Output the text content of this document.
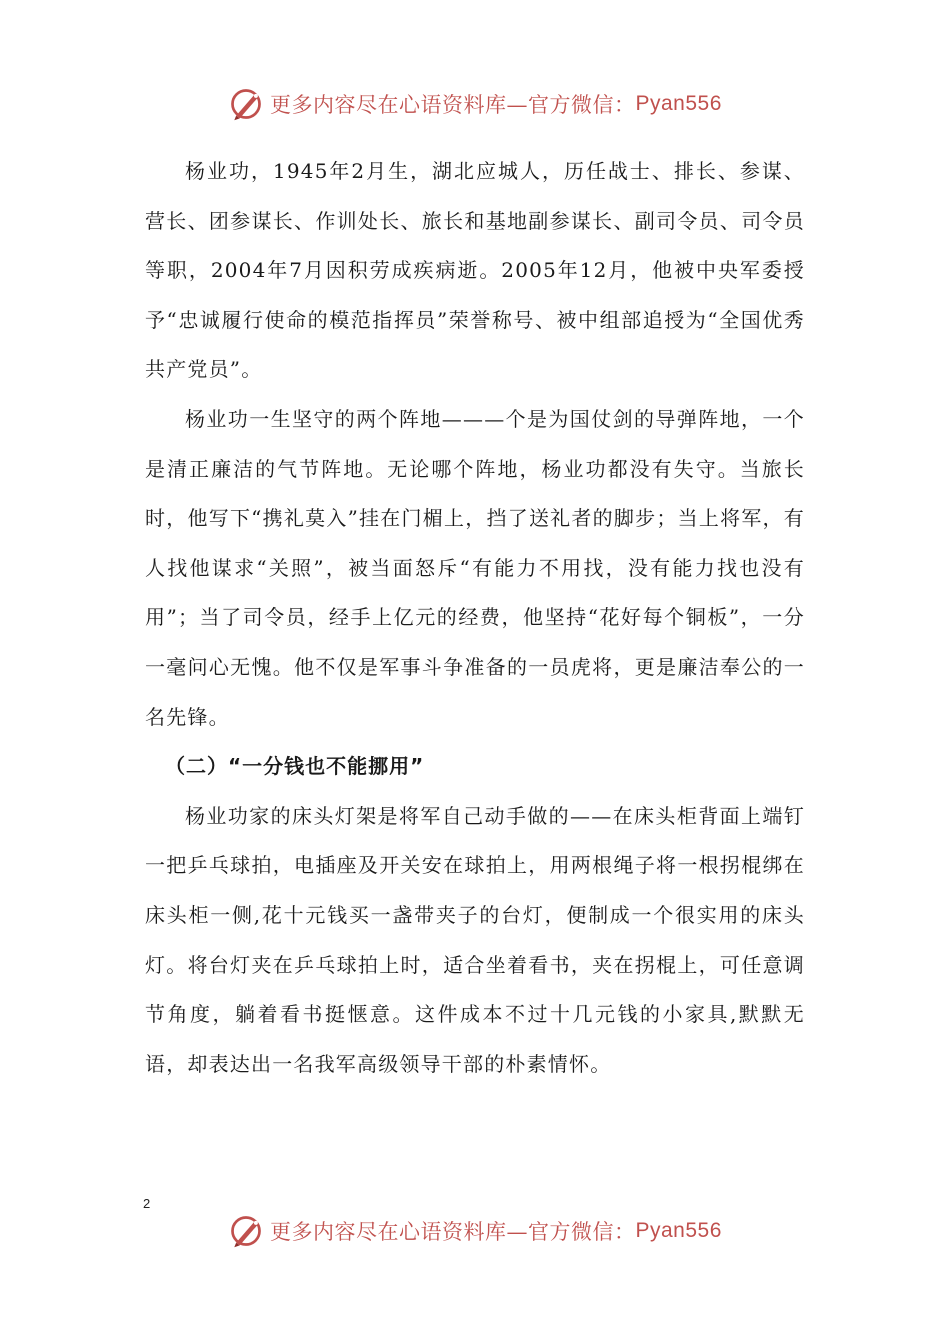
更多内容尽在心语资料库—官方微信： Pyan556

杨业功，1945年2月生，湖北应城人，历任战士、排长、参谋、营长、团参谋长、作训处长、旅长和基地副参谋长、副司令员、司令员等职，2004年7月因积劳成疾病逝。2005年12月，他被中央军委授予“忠诚履行使命的模范指挥员”荣誉称号、被中组部追授为“全国优秀共产党员”。

杨业功一生坚守的两个阵地———个是为国仗剑的导弹阵地，一个是清正廉洁的气节阵地。无论哪个阵地，杨业功都没有失守。当旅长时，他写下“携礼莫入”挂在门楣上，挡了送礼者的脚步；当上将军，有人找他谋求“关照”，被当面怒斥“有能力不用找，没有能力找也没有用”；当了司令员，经手上亿元的经费，他坚持“花好每个铜板”，一分一毫问心无愧。他不仅是军事斗争准备的一员虎将，更是廉洁奉公的一名先锋。

（二）“一分钱也不能挪用”

杨业功家的床头灯架是将军自己动手做的——在床头柜背面上端钉一把乒乓球拍，电插座及开关安在球拍上，用两根绳子将一根拐棍绑在床头柜一侧,花十元钱买一盏带夹子的台灯，便制成一个很实用的床头灯。将台灯夹在乒乓球拍上时，适合坐着看书，夹在拐棍上，可任意调节角度，躺着看书挺惬意。这件成本不过十几元钱的小家具,默默无语，却表达出一名我军高级领导干部的朴素情怀。

2
更多内容尽在心语资料库—官方微信： Pyan556
